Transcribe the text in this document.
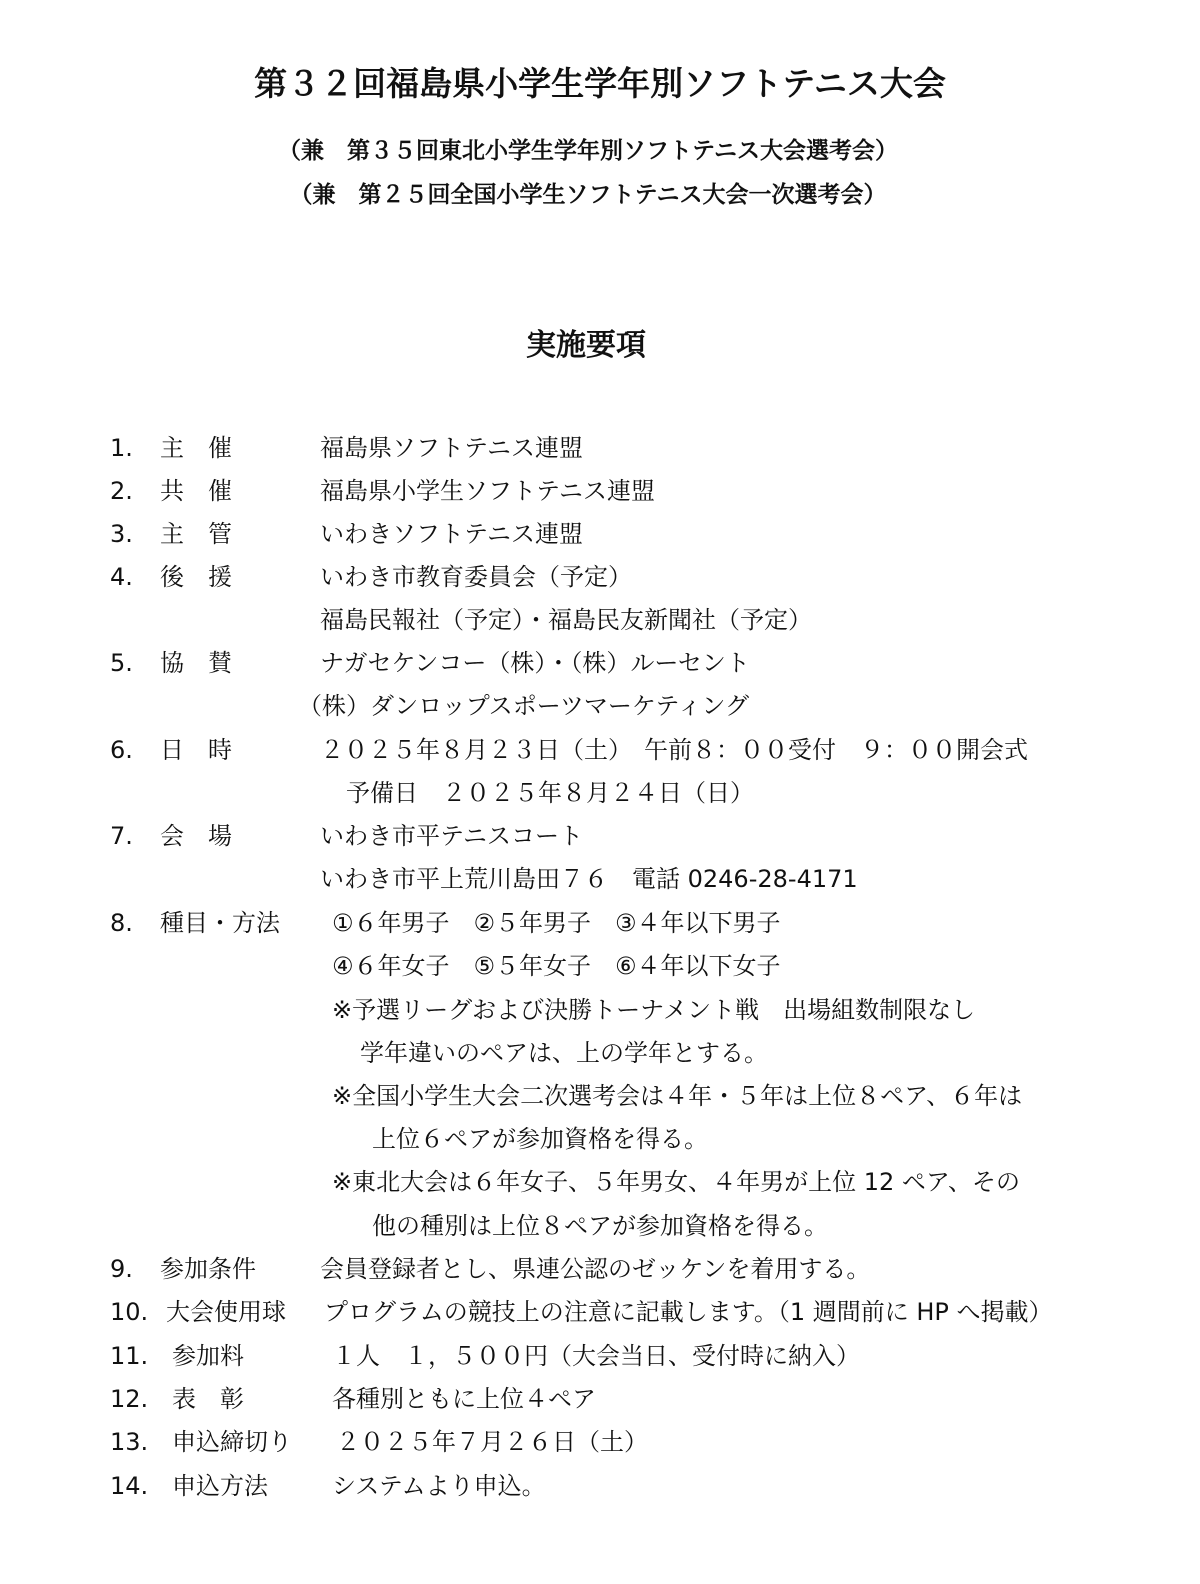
第３２回福島県小学生学年別ソフトテニス大会
（兼　第３５回東北小学生学年別ソフトテニス大会選考会）
（兼　第２５回全国小学生ソフトテニス大会一次選考会）
実施要項
1. 主　催	福島県ソフトテニス連盟
2. 共　催	福島県小学生ソフトテニス連盟
3. 主　管	いわきソフトテニス連盟
4. 後　援	いわき市教育委員会（予定）
福島民報社（予定）・福島民友新聞社（予定）
5. 協　賛	ナガセケンコー（株）・（株）ルーセント
（株）ダンロップスポーツマーケティング
6. 日　時	２０２５年８月２３日（土）　午前８：００受付　９：００開会式
予備日　２０２５年８月２４日（日）
7. 会　場	いわき市平テニスコート
いわき市平上荒川島田７６　電話 0246-28-4171
8. 種目・方法 ①６年男子　②５年男子　③４年以下男子
④６年女子　⑤５年女子　⑥４年以下女子
※予選リーグおよび決勝トーナメント戦　出場組数制限なし
学年違いのペアは、上の学年とする。
※全国小学生大会二次選考会は４年・５年は上位８ペア、６年は
上位６ペアが参加資格を得る。
※東北大会は６年女子、５年男女、４年男が上位 12 ペア、その
他の種別は上位８ペアが参加資格を得る。
9. 参加条件	会員登録者とし、県連公認のゼッケンを着用する。
10. 大会使用球 プログラムの競技上の注意に記載します。（1 週間前に HP へ掲載）
11. 参加料	１人　１，５００円（大会当日、受付時に納入）
12. 表　彰	各種別ともに上位４ペア
13. 申込締切り ２０２５年７月２６日（土）
14. 申込方法	システムより申込。
